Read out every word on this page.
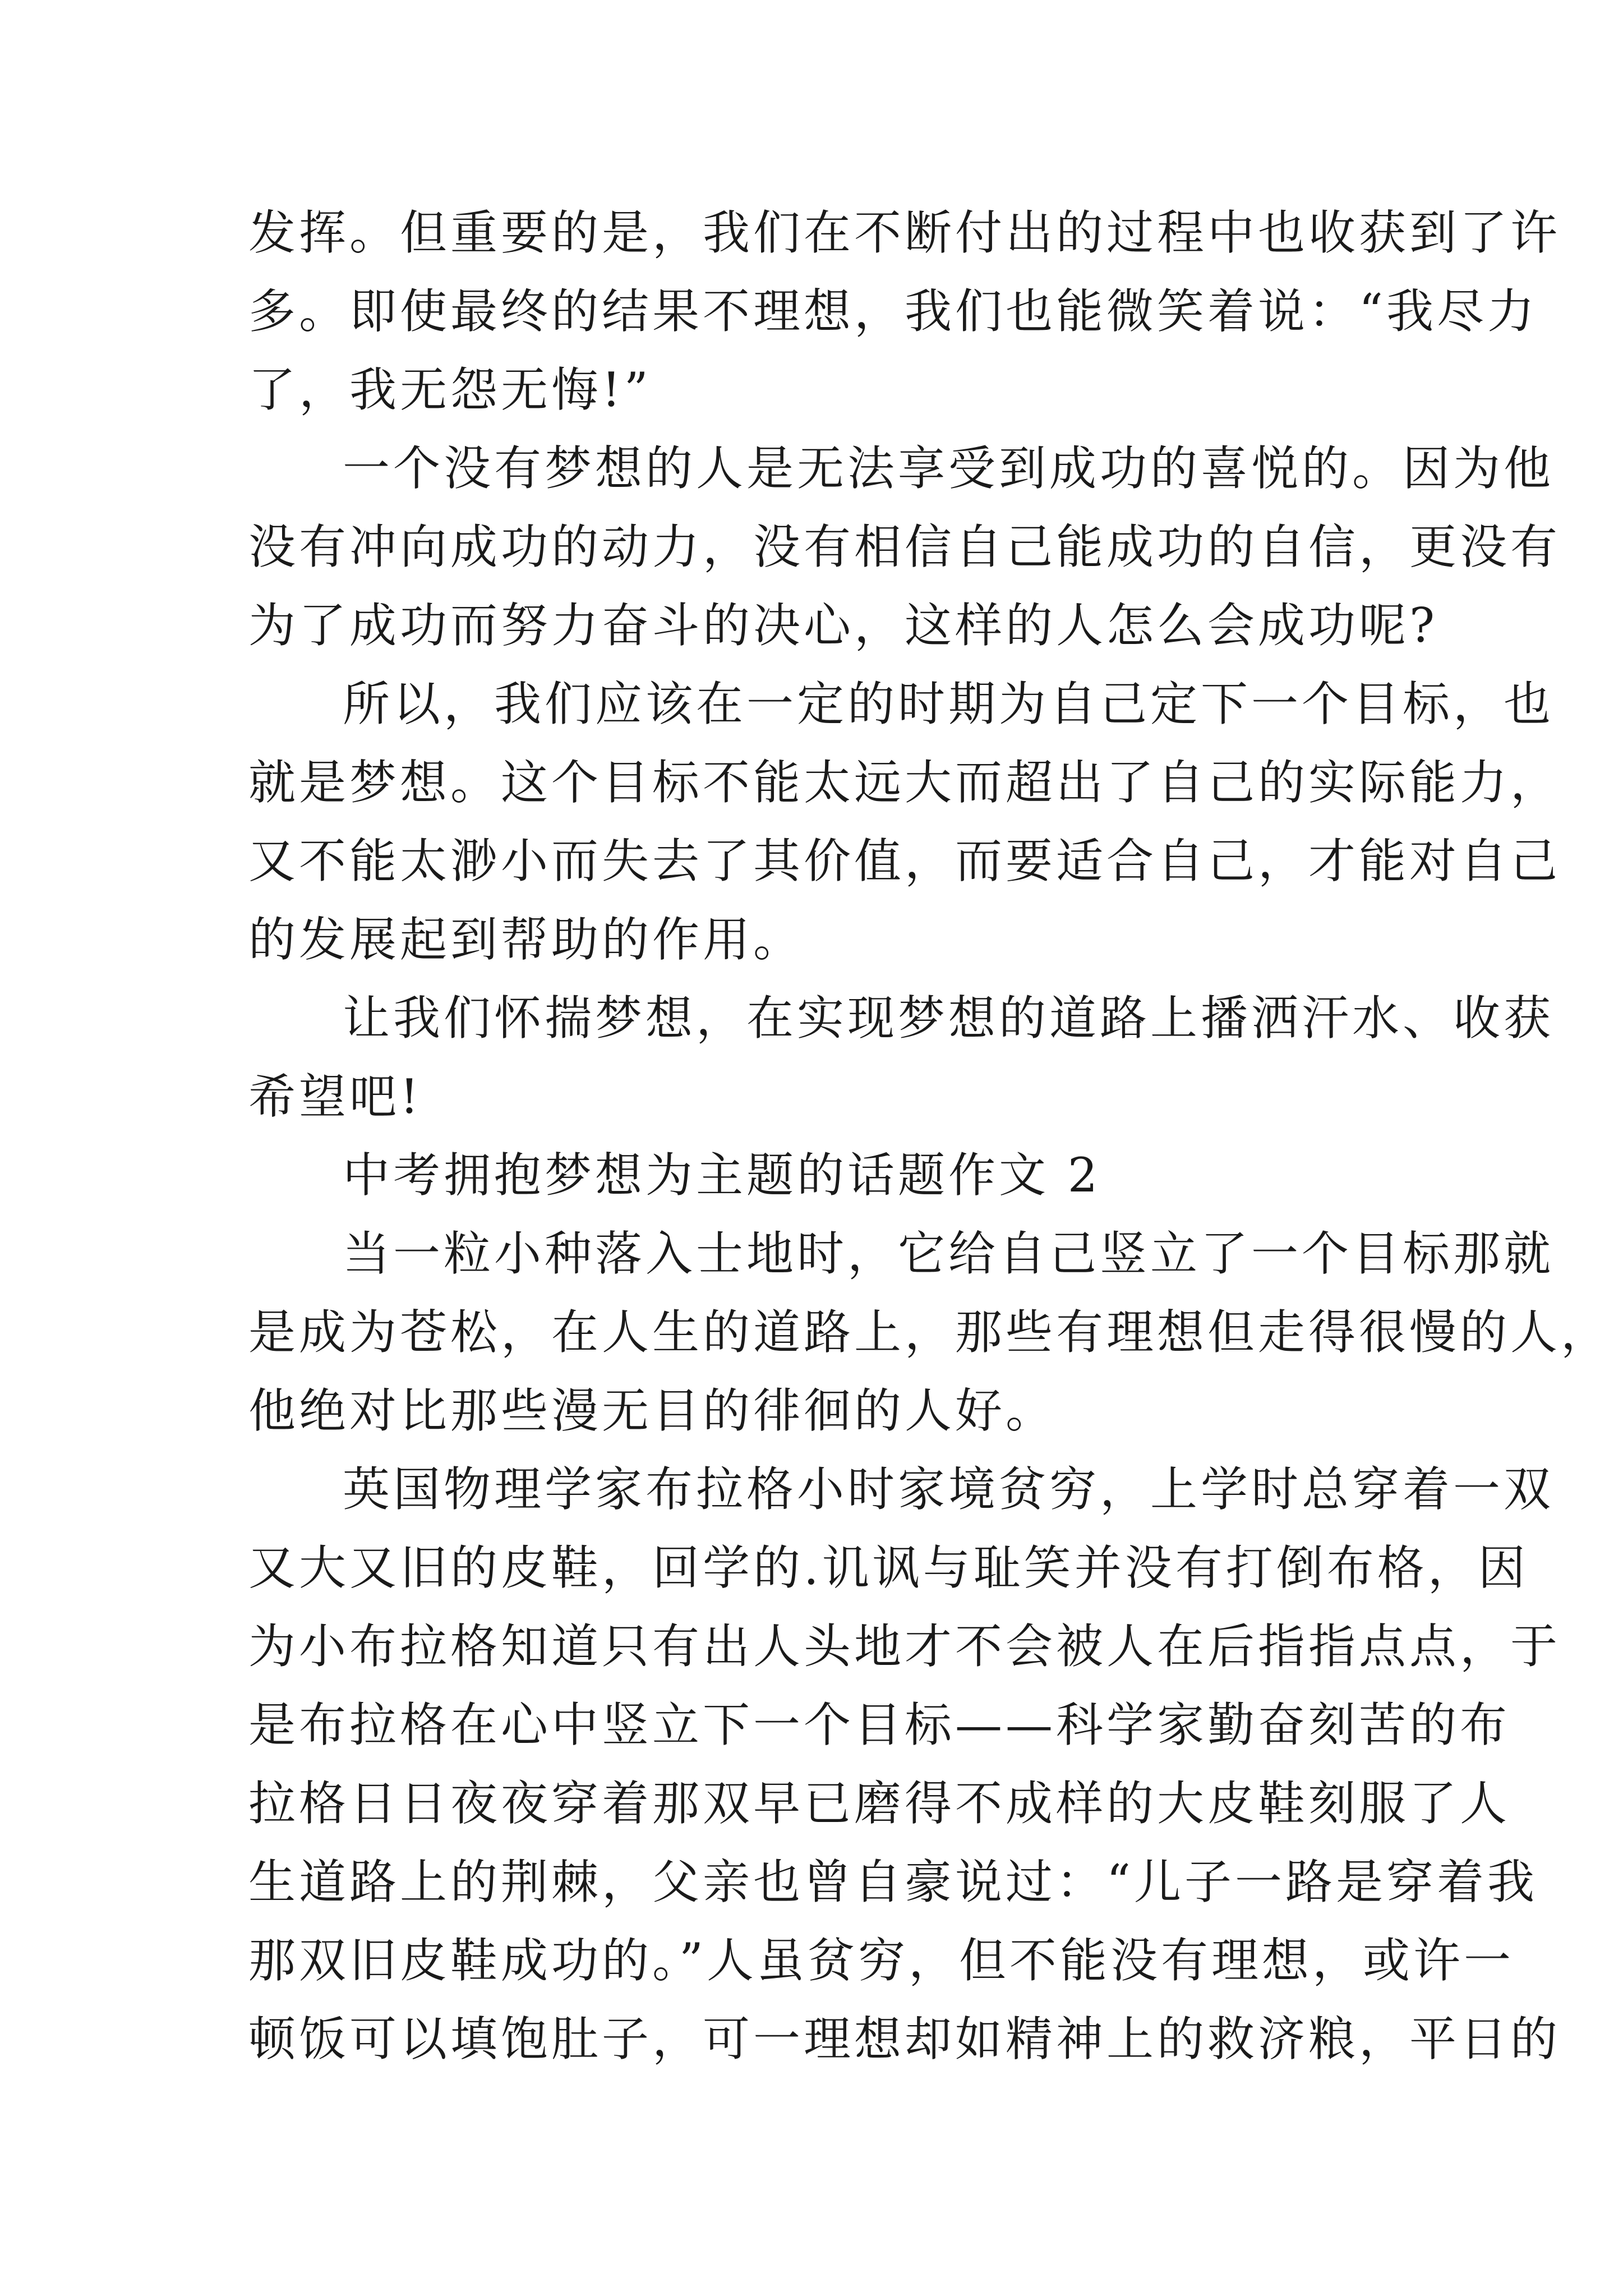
发挥。但重要的是，我们在不断付出的过程中也收获到了许
多。即使最终的结果不理想，我们也能微笑着说：“我尽力
了，我无怨无悔!”
一个没有梦想的人是无法享受到成功的喜悦的。因为他
没有冲向成功的动力，没有相信自己能成功的自信，更没有
为了成功而努力奋斗的决心，这样的人怎么会成功呢?
所以，我们应该在一定的时期为自己定下一个目标，也
就是梦想。这个目标不能太远大而超出了自己的实际能力，
又不能太渺小而失去了其价值，而要适合自己，才能对自己
的发展起到帮助的作用。
让我们怀揣梦想，在实现梦想的道路上播洒汗水、收获
希望吧!
中考拥抱梦想为主题的话题作文 2
当一粒小种落入士地时，它给自己竖立了一个目标那就
是成为苍松，在人生的道路上，那些有理想但走得很慢的人，
他绝对比那些漫无目的徘徊的人好。
英国物理学家布拉格小时家境贫穷，上学时总穿着一双
又大又旧的皮鞋，回学的.讥讽与耻笑并没有打倒布格，因
为小布拉格知道只有出人头地才不会被人在后指指点点，于
是布拉格在心中竖立下一个目标——科学家勤奋刻苦的布
拉格日日夜夜穿着那双早已磨得不成样的大皮鞋刻服了人
生道路上的荆棘，父亲也曾自豪说过：“儿子一路是穿着我
那双旧皮鞋成功的。”人虽贫穷，但不能没有理想，或许一
顿饭可以填饱肚子，可一理想却如精神上的救济粮，平日的
